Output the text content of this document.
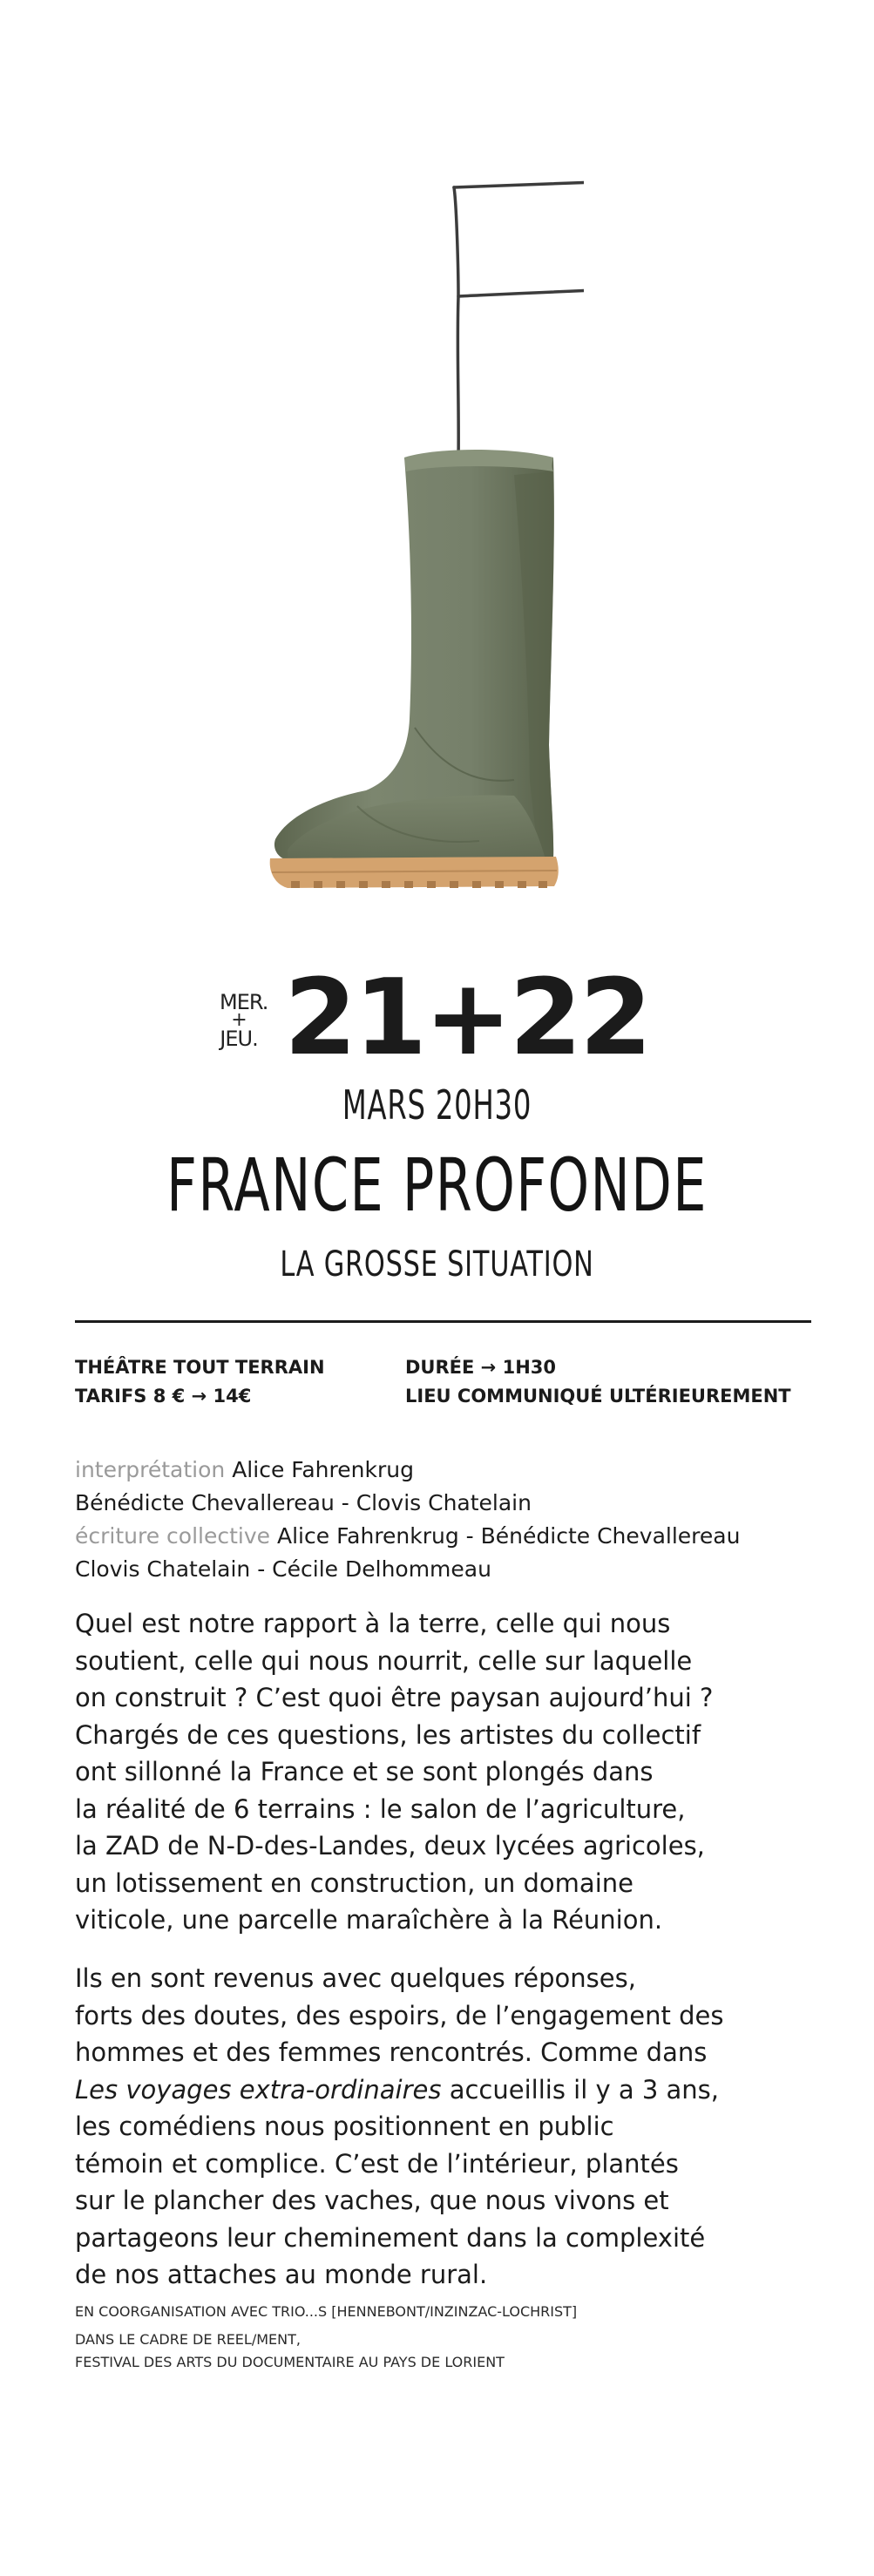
MER.
+
JEU. 21+22
MARS 20H30
FRANCE PROFONDE
LA GROSSE SITUATION
THÉÂTRE TOUT TERRAIN
TARIFS 8 € → 14€
DURÉE → 1H30
LIEU COMMUNIQUÉ ULTÉRIEUREMENT
interprétation Alice Fahrenkrug
Bénédicte Chevallereau - Clovis Chatelain
écriture collective Alice Fahrenkrug - Bénédicte Chevallereau
Clovis Chatelain - Cécile Delhommeau
Quel est notre rapport à la terre, celle qui nous
soutient, celle qui nous nourrit, celle sur laquelle
on construit ? C’est quoi être paysan aujourd’hui ?
Chargés de ces questions, les artistes du collectif
ont sillonné la France et se sont plongés dans
la réalité de 6 terrains : le salon de l’agriculture,
la ZAD de N-D-des-Landes, deux lycées agricoles,
un lotissement en construction, un domaine
viticole, une parcelle maraîchère à la Réunion.
Ils en sont revenus avec quelques réponses,
forts des doutes, des espoirs, de l’engagement des
hommes et des femmes rencontrés. Comme dans
Les voyages extra-ordinaires accueillis il y a 3 ans,
les comédiens nous positionnent en public
témoin et complice. C’est de l’intérieur, plantés
sur le plancher des vaches, que nous vivons et
partageons leur cheminement dans la complexité
de nos attaches au monde rural.
EN COORGANISATION AVEC TRIO...S [HENNEBONT/INZINZAC-LOCHRIST]
DANS LE CADRE DE REEL/MENT,
FESTIVAL DES ARTS DU DOCUMENTAIRE AU PAYS DE LORIENT
